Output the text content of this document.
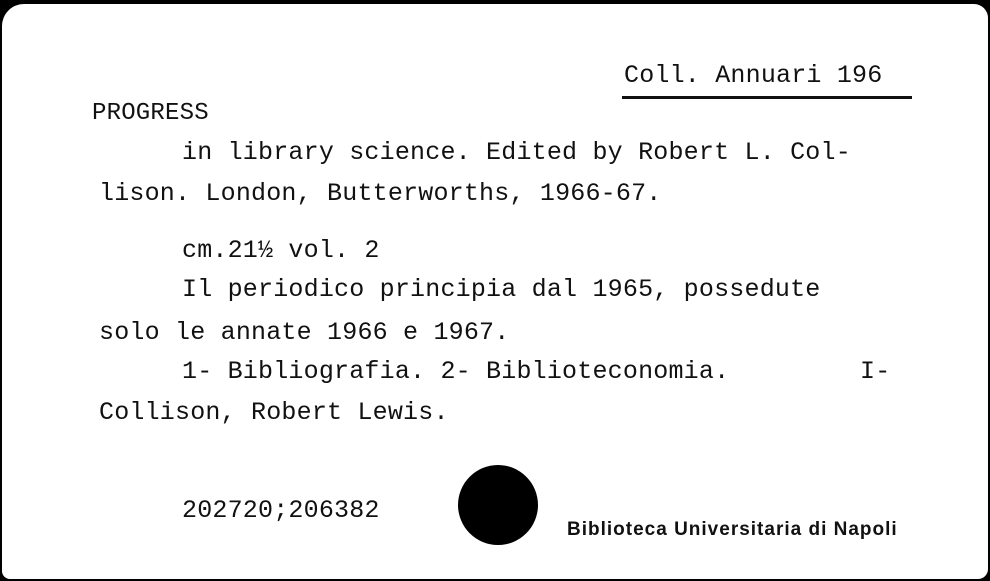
Coll. Annuari 196
PROGRESS
in library science. Edited by Robert L. Col-
lison. London, Butterworths, 1966-67.
cm.21½ vol. 2
Il periodico principia dal 1965, possedute
solo le annate 1966 e 1967.
1- Bibliografia. 2- Biblioteconomia.	I-
Collison, Robert Lewis.
202720;206382
Biblioteca Universitaria di Napoli
